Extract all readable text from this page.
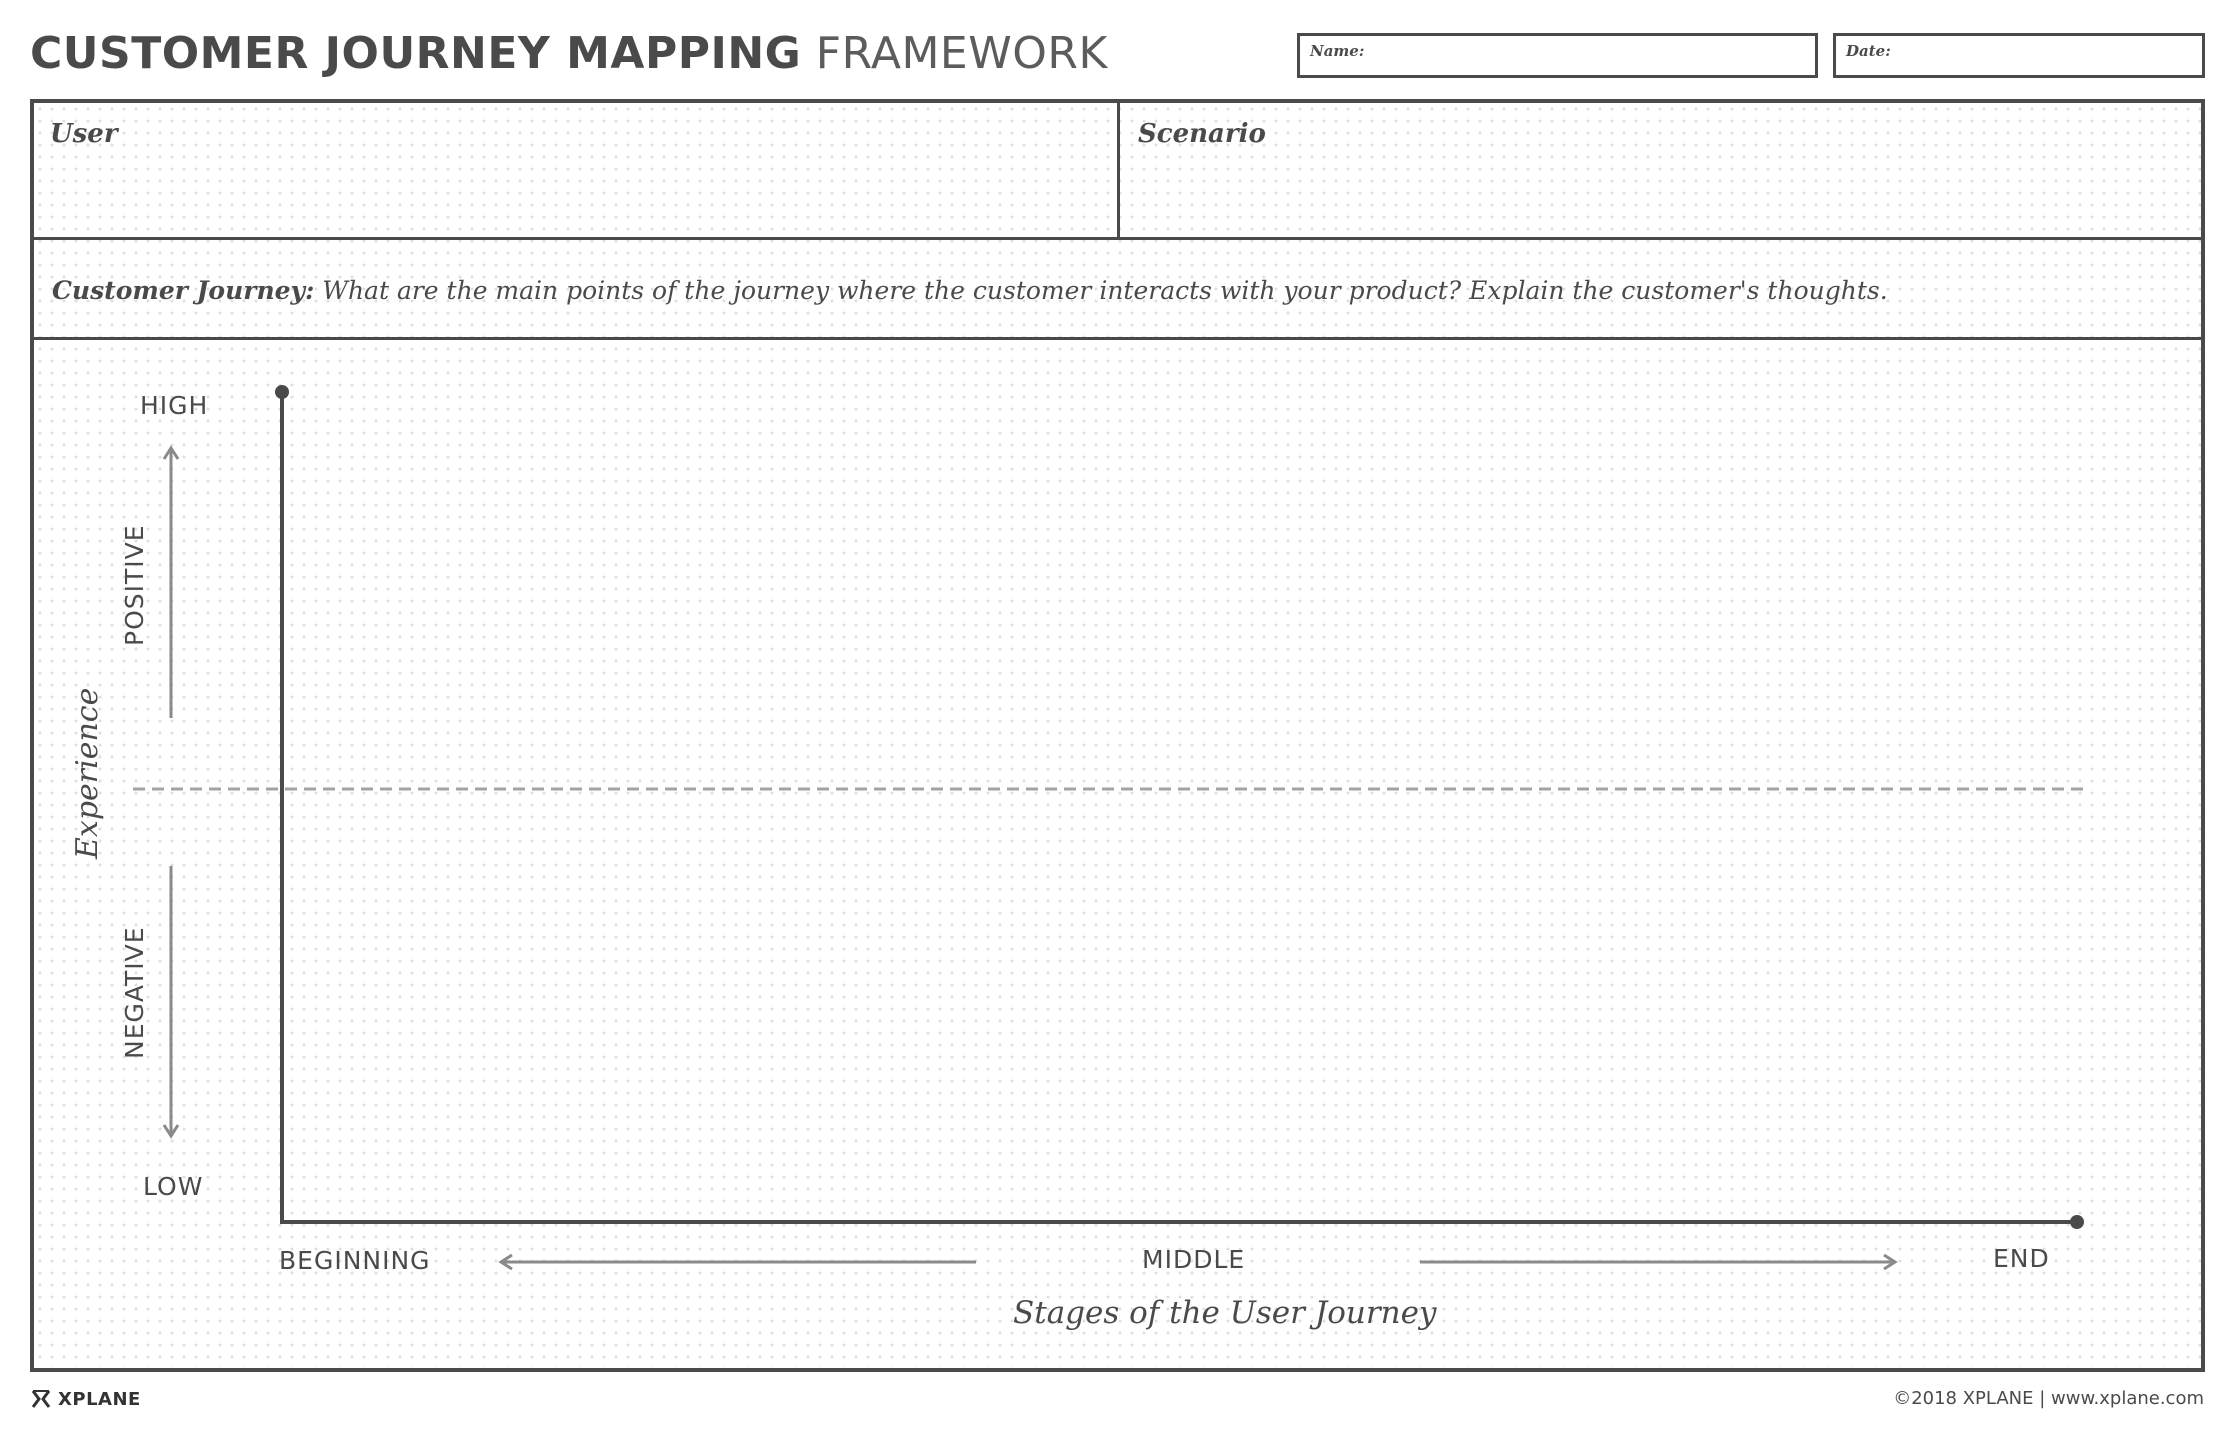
CUSTOMER JOURNEY MAPPING FRAMEWORK	Name:	Date:
User	Scenario
Customer Journey: What are the main points of the journey where the customer interacts with your product? Explain the customer's thoughts.
HIGH
LOW
POSITIVE
NEGATIVE
Experience
BEGINNING	MIDDLE	END
Stages of the User Journey
XPLANE	©2018 XPLANE | www.xplane.com
